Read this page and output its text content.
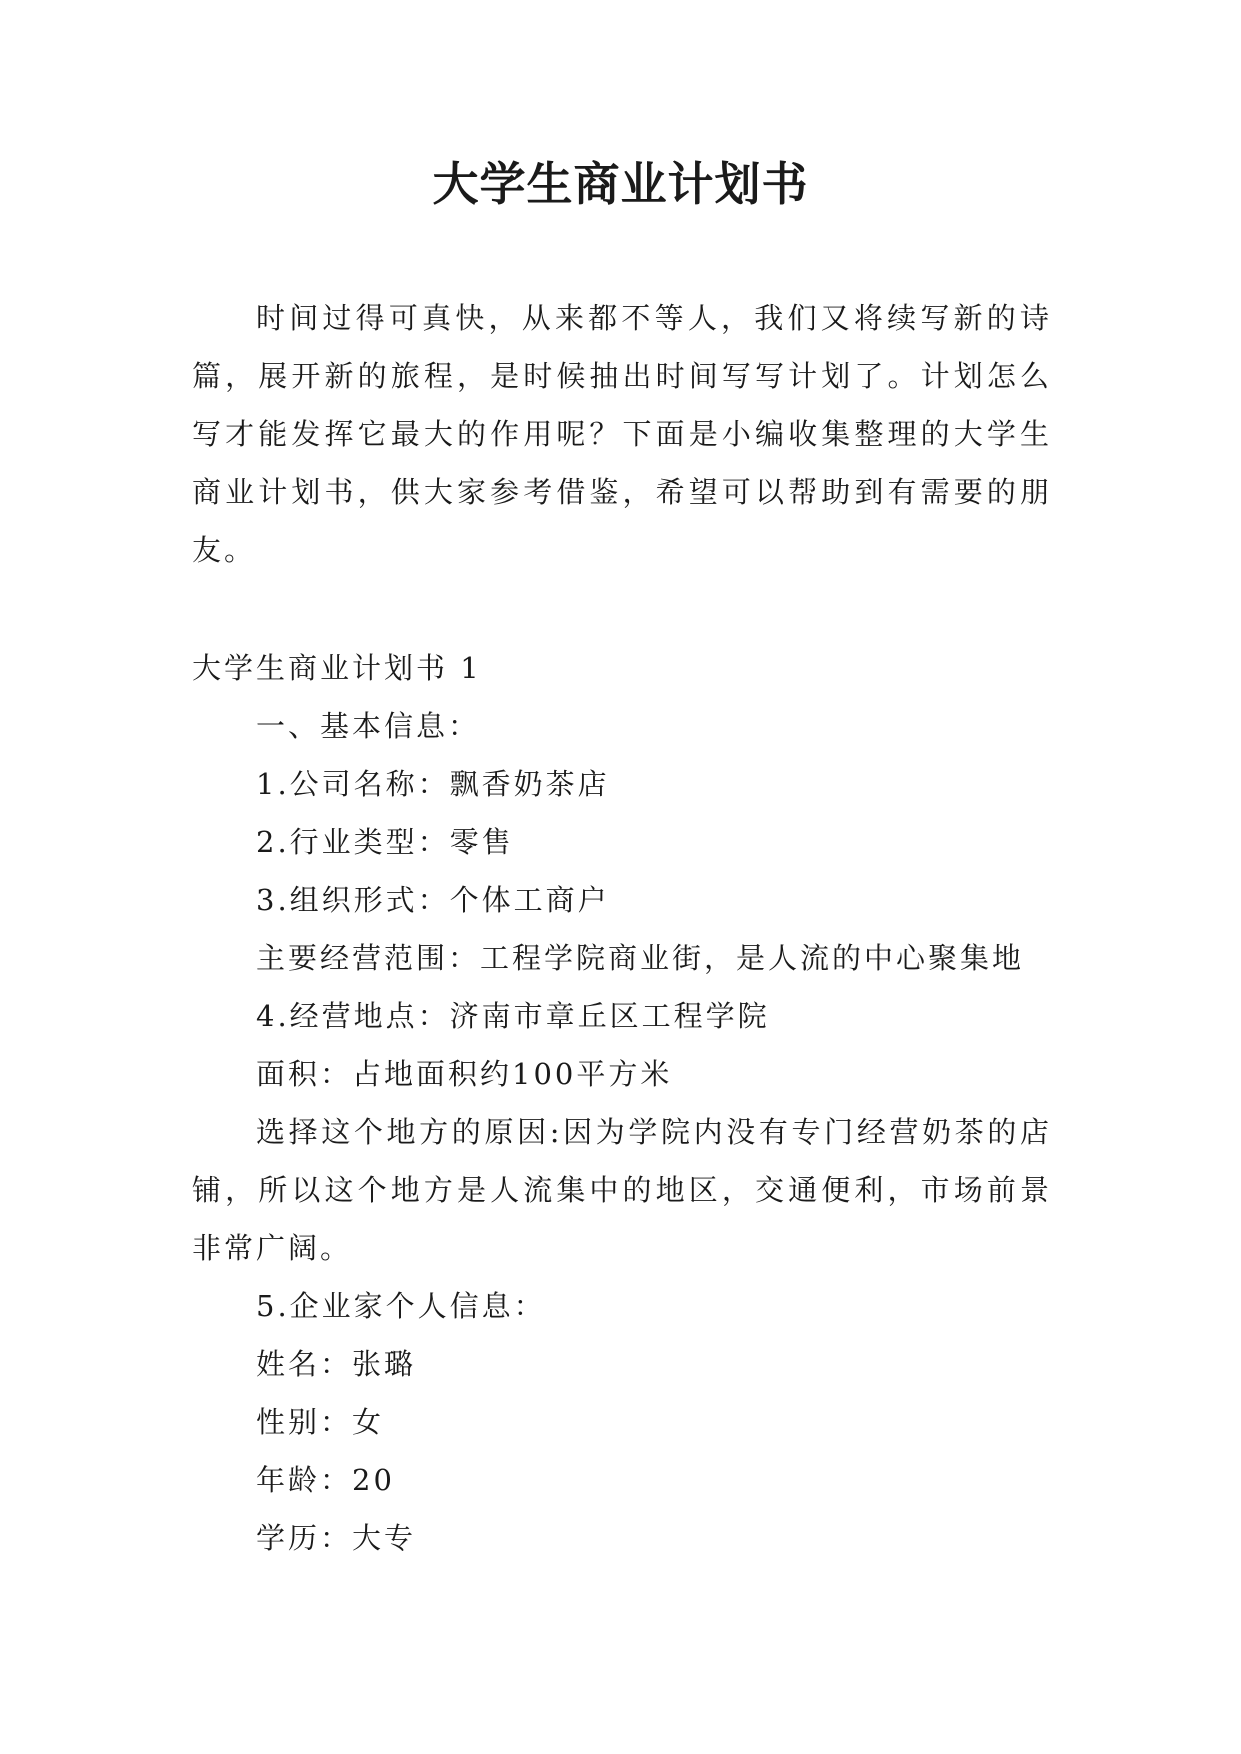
大学生商业计划书

时间过得可真快，从来都不等人，我们又将续写新的诗篇，展开新的旅程，是时候抽出时间写写计划了。计划怎么写才能发挥它最大的作用呢？下面是小编收集整理的大学生商业计划书，供大家参考借鉴，希望可以帮助到有需要的朋友。

大学生商业计划书 1

一、基本信息：

1.公司名称：飘香奶茶店

2.行业类型：零售

3.组织形式：个体工商户

主要经营范围：工程学院商业街，是人流的中心聚集地

4.经营地点：济南市章丘区工程学院

面积：占地面积约100平方米

选择这个地方的原因:因为学院内没有专门经营奶茶的店铺，所以这个地方是人流集中的地区，交通便利，市场前景非常广阔。

5.企业家个人信息：

姓名：张璐

性别：女

年龄：20

学历：大专
